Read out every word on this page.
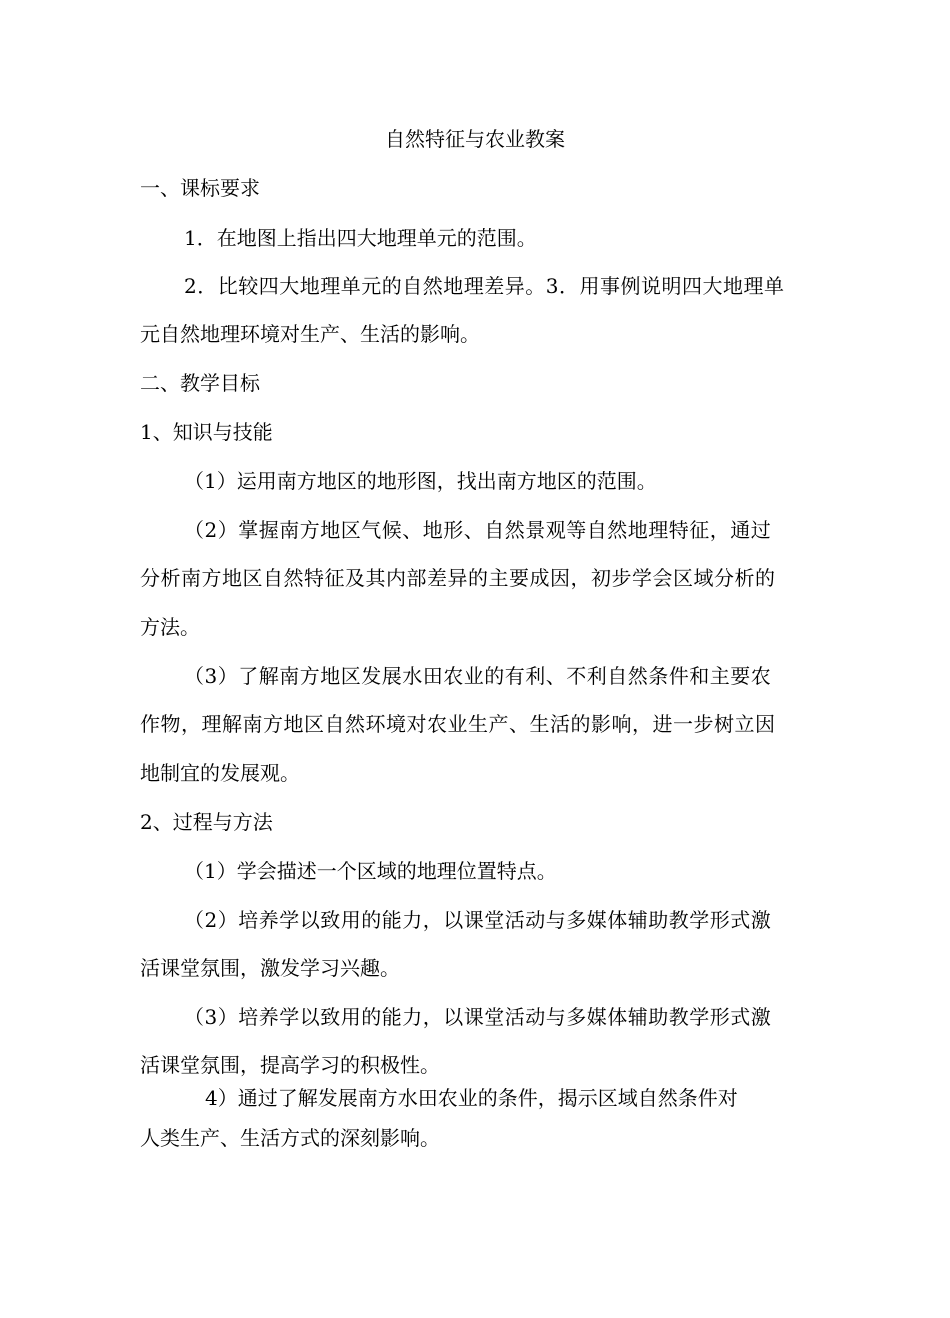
自然特征与农业教案

一、课标要求

1．在地图上指出四大地理单元的范围。

2．比较四大地理单元的自然地理差异。3．用事例说明四大地理单

元自然地理环境对生产、生活的影响。

二、教学目标

1、知识与技能

（1）运用南方地区的地形图，找出南方地区的范围。

（2）掌握南方地区气候、地形、自然景观等自然地理特征，通过

分析南方地区自然特征及其内部差异的主要成因，初步学会区域分析的

方法。

（3）了解南方地区发展水田农业的有利、不利自然条件和主要农

作物，理解南方地区自然环境对农业生产、生活的影响，进一步树立因

地制宜的发展观。

2、过程与方法

（1）学会描述一个区域的地理位置特点。

（2）培养学以致用的能力，以课堂活动与多媒体辅助教学形式激

活课堂氛围，激发学习兴趣。

（3）培养学以致用的能力，以课堂活动与多媒体辅助教学形式激

活课堂氛围，提高学习的积极性。

4）通过了解发展南方水田农业的条件，揭示区域自然条件对

人类生产、生活方式的深刻影响。
